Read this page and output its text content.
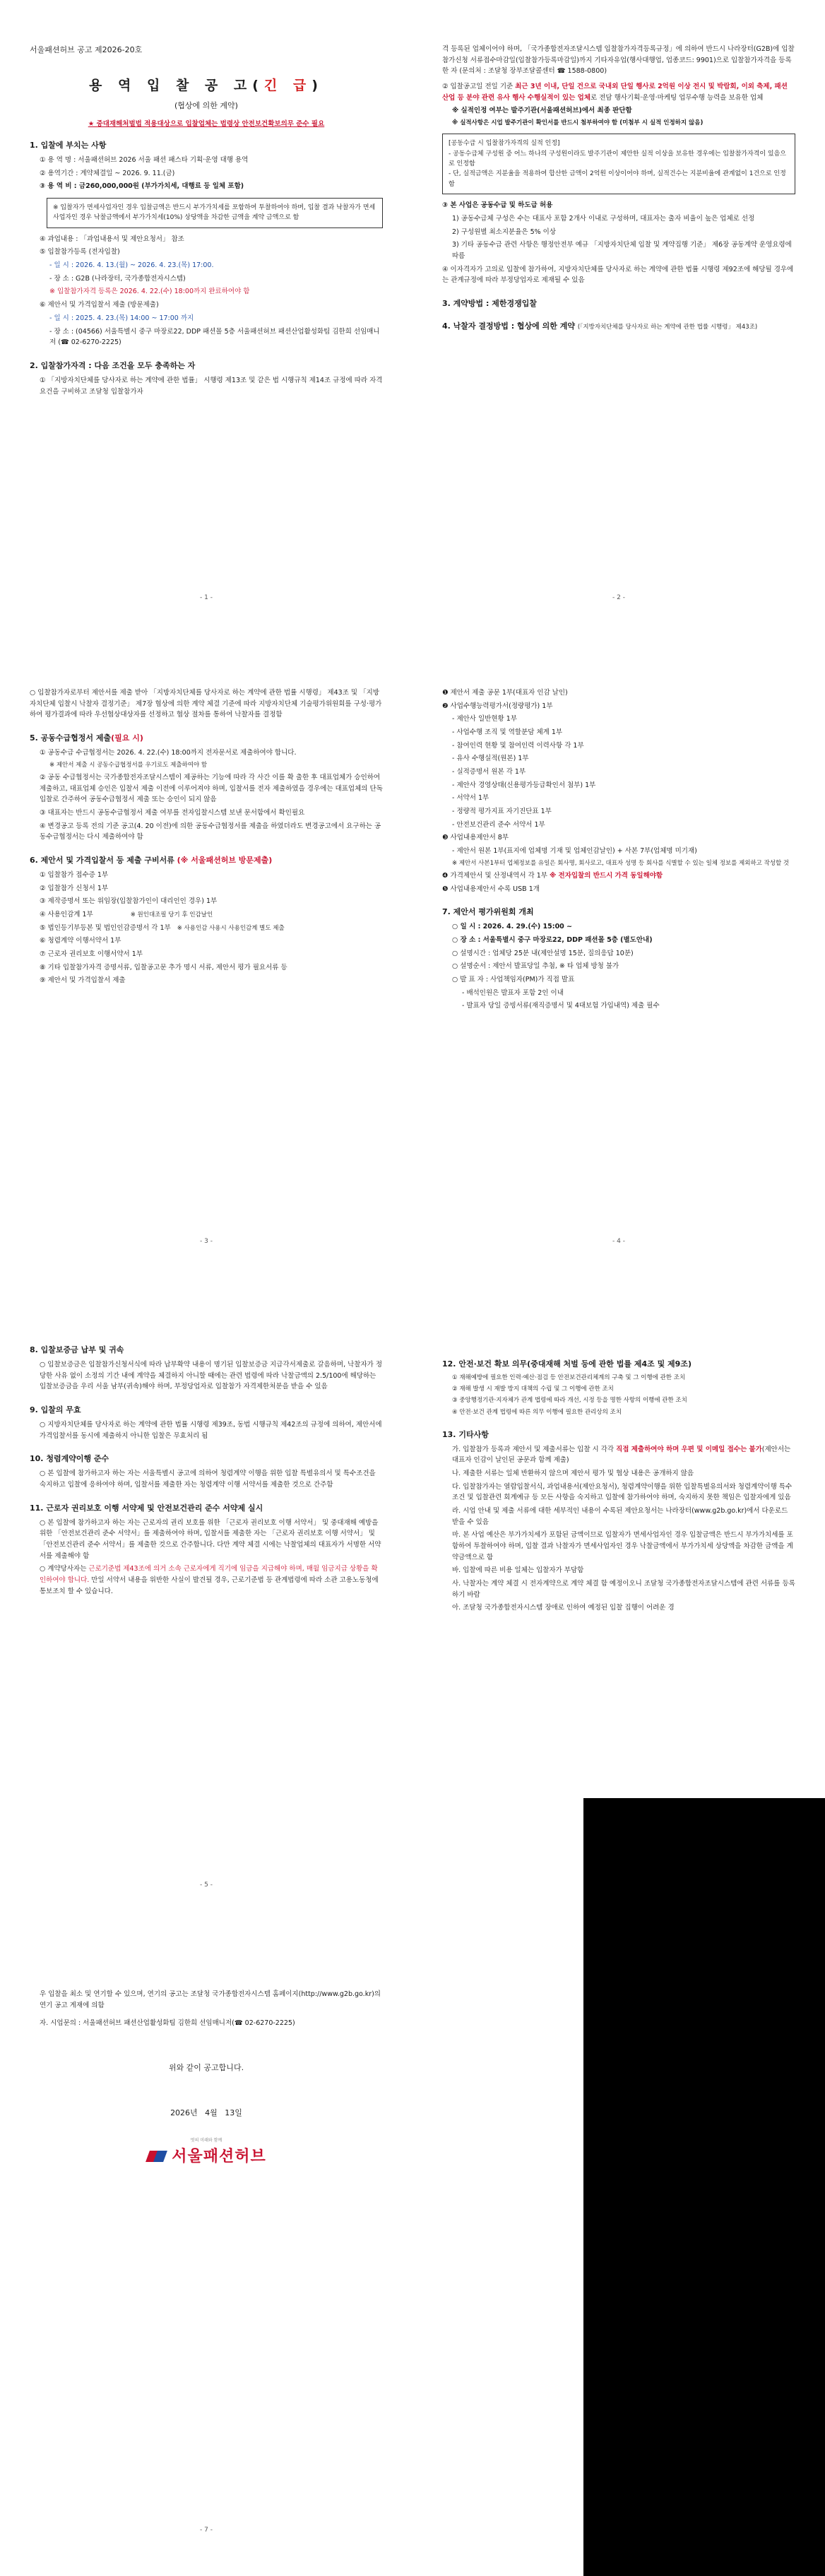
서울패션허브 공고 제2026-20호
용 역 입 찰 공 고(긴 급)
(협상에 의한 계약)
★ 중대재해처벌법 적용대상으로 입찰업체는 법령상 안전보건확보의무 준수 필요
1. 입찰에 부치는 사항
① 용 역 명 : 서울패션허브 2026 서울 패션 패스타 기획·운영 대행 용역
② 용역기간 : 계약체결일 ~ 2026. 9. 11.(금)
③ 용 역 비 : 금260,000,000원 (부가가치세, 대행료 등 일체 포함)
※ 입찰자가 면세사업자인 경우 입찰금액은 반드시 부가가치세를 포함하여 투찰하여야 하며, 입찰 결과 낙찰자가 면세사업자인 경우 낙찰금액에서 부가가치세(10%) 상당액을 차감한 금액을 계약 금액으로 함
④ 과업내용 : 「과업내용서 및 제안요청서」 참조
⑤ 입찰참가등록 (전자입찰)
- 일 시 : 2026. 4. 13.(월) ~ 2026. 4. 23.(목) 17:00.
- 장 소 : G2B (나라장터, 국가종합전자시스템)
※ 입찰참가자격 등록은 2026. 4. 22.(수) 18:00까지 완료하여야 함
⑥ 제안서 및 가격입찰서 제출 (방문제출)
- 일 시 : 2025. 4. 23.(목) 14:00 ~ 17:00 까지
- 장 소 : (04566) 서울특별시 중구 마장로22, DDP 패션몰 5층 서울패션허브 패션산업활성화팀 김한희 선임매니저 (☎ 02-6270-2225)
2. 입찰참가자격 : 다음 조건을 모두 충족하는 자
① 「지방자치단체를 당사자로 하는 계약에 관한 법률」 시행령 제13조 및 같은 법 시행규칙 제14조 규정에 따라 자격요건을 구비하고 조달청 입찰참가자
- 1 -
격 등록된 업체이어야 하며, 「국가종합전자조달시스템 입찰참가자격등록규정」에 의하여 반드시 나라장터(G2B)에 입찰참가신청 서류접수마감일(입찰참가등록마감일)까지 기타자유업(행사대행업, 업종코드: 9901)으로 입찰참가자격을 등록한 자 (문의처 : 조달청 장부조달콜센터 ☎ 1588-0800)
② 입찰공고일 전일 기준 최근 3년 이내, 단일 건으로 국내외 단일 행사로 2억원 이상 전시 및 박람회, 이외 축제, 패션 산업 등 분야 관련 유사 행사 수행실적이 있는 업체로 전담 행사기획·운영·마케팅 업무수행 능력을 보유한 업체
※ 실적인정 여부는 발주기관(서울패션허브)에서 최종 판단함
※ 실적사항은 시업 발주기관이 확인서를 반드시 첨부하여야 함 (미첨부 시 실적 인정하지 않음)
[공동수급 시 입찰참가자격의 실적 인정]
- 공동수급체 구성원 중 어느 하나의 구성원이라도 발주기관이 제안한 실적 이상을 보유한 경우에는 입찰참가자격이 있음으로 인정함
- 단, 실적금액은 지분율을 적용하여 합산한 금액이 2억원 이상이어야 하며, 실적건수는 지분비율에 관계없이 1건으로 인정함
③ 본 사업은 공동수급 및 하도급 허용
1) 공동수급체 구성은 수는 대표사 포함 2개사 이내로 구성하며, 대표자는 출자 비율이 높은 업체로 선정
2) 구성원별 최소지분율은 5% 이상
3) 기타 공동수급 관련 사항은 행정안전부 예규 「지방자치단체 입찰 및 계약집행 기준」 제6장 공동계약 운영요령에 따름
④ 이자격자가 고의로 입찰에 참가하여, 지방자치단체를 당사자로 하는 계약에 관한 법률 시행령 제92조에 해당될 경우에는 관계규정에 따라 부정당업자로 제재될 수 있음
3. 계약방법 : 제한경쟁입찰
4. 낙찰자 결정방법 : 협상에 의한 계약 (「지방자치단체를 당사자로 하는 계약에 관한 법률 시행령」 제43조)
- 2 -
○ 입찰참가자로부터 제안서를 제출 받아 「지방자치단체를 당사자로 하는 계약에 관한 법률 시행령」 제43조 및 「지방자치단체 입찰시 낙찰자 결정기준」 제7장 협상에 의한 계약 체결 기준에 따라 지방자치단체 기술평가위원회를 구성·평가하여 평가결과에 따라 우선협상대상자를 선정하고 협상 절차를 통하여 낙찰자를 결정함
5. 공동수급협정서 제출(필요 시)
① 공동수급 수급협정서는 2026. 4. 22.(수) 18:00까지 전자문서로 제출하여야 합니다.
※ 제안서 제출 시 공동수급협정서를 우기로도 제출하여야 함
② 공동 수급협정서는 국가종합전자조달시스템이 제공하는 기능에 따라 각 사간 이를 확 출한 후 대표업체가 승인하여 제출하고, 대표업체 승인은 입찰서 제출 이전에 이루어져야 하며, 입찰서를 전자 제출하였을 경우에는 대표업체의 단독입찰로 간주하여 공동수급협정서 제출 또는 승인이 되지 않음
③ 대표자는 반드시 공동수급협정서 제출 여부를 전자입찰시스템 보낸 문서함에서 확인필요
④ 변경공고 등록 전의 기준 공고(4. 20 이전)에 의한 공동수급협정서를 제출을 하였더라도 변경공고에서 요구하는 공동수급협정서는 다시 제출하여야 함
6. 제안서 및 가격입찰서 등 제출 구비서류 (※ 서울패션허브 방문제출)
① 입찰참가 접수증 1부
② 입찰참가 신청서 1부
③ 제작증명서 또는 위임장(입찰참가인이 대리인인 경우) 1부
④ 사용인감계 1부	※ 원인대조필 당기 후 인감날인
⑤ 법인등기부등본 및 법인인감증명서 각 1부 ※ 사용인감 사용시 사용인감계 별도 제출
⑥ 청렴계약 이행서약서 1부
⑦ 근로자 권리보호 이행서약서 1부
⑧ 기타 입찰참가자격 증명서류, 입찰공고문 추가 명시 서류, 제안서 평가 필요서류 등
⑨ 제안서 및 가격입찰서 제출
- 3 -
❶ 제안서 제출 공문 1부(대표자 인감 날인)
❷ 사업수행능력평가서(정량평가) 1부
- 제안사 일반현황 1부
- 사업수행 조직 및 역할분담 체계 1부
- 참여인력 현황 및 참여인력 이력사항 각 1부
- 유사 수행실적(원본) 1부
- 실적증명서 원본 각 1부
- 제안사 경영상태(신용평가등급확인서 첨부) 1부
- 서약서 1부
- 정량적 평가지표 자기진단표 1부
- 안전보건관리 준수 서약서 1부
❸ 사업내용제안서 8부
- 제안서 원본 1부(표지에 업체명 기재 및 업체인감날인) + 사본 7부(업체명 미기재)
※ 제안서 사본1부터 업체정보를 유일은 회사명, 회사로고, 대표자 성명 등 회사를 식별할 수 있는 일체 정보를 제외하고 작성할 것
❹ 가격제안서 및 산정내역서 각 1부 ※ 전자입찰의 반드시 가격 동일해야함
❺ 사업내용제안서 수록 USB 1개
7. 제안서 평가위원회 개최
○ 일 시 : 2026. 4. 29.(수) 15:00 ~
○ 장 소 : 서울특별시 중구 마장로22, DDP 패션몰 5층 (별도안내)
○ 설명시간 : 업체당 25분 내(제안설명 15분, 질의응답 10분)
○ 설명순서 : 제안서 발표당일 추첨, ※ 타 업체 방청 불가
○ 발 표 자 : 사업책임자(PM)가 직접 발표
- 배석인원은 발표자 포함 2인 이내
- 발표자 당일 증빙서류(재직증명서 및 4대보험 가입내역) 제출 필수
- 4 -
8. 입찰보증금 납부 및 귀속
○ 입찰보증금은 입찰참가신청서식에 따라 납부확약 내용이 명기된 입찰보증금 지급각서제출로 갈음하며, 낙찰자가 정당한 사유 없이 소정의 기간 내에 계약을 체결하지 아니할 때에는 관련 법령에 따라 낙찰금액의 2.5/100에 해당하는 입찰보증금을 우리 서울 남부(귀속)해야 하며, 부정당업자로 입찰참가 자격제한처분을 받을 수 있음
9. 입찰의 무효
○ 지방자치단체를 당사자로 하는 계약에 관한 법률 시행령 제39조, 동법 시행규칙 제42조의 규정에 의하여, 제안서에 가격입찰서를 동시에 제출하지 아니한 입찰은 무효처리 됨
10. 청렴계약이행 준수
○ 본 입찰에 참가하고자 하는 자는 서울특별시 공고에 의하여 청렴계약 이행을 위한 입찰 특별유의서 및 특수조건을 숙지하고 입찰에 응하여야 하며, 입찰서를 제출한 자는 청렴계약 이행 서약서를 제출한 것으로 간주함
11. 근로자 권리보호 이행 서약제 및 안전보건관리 준수 서약제 실시
○ 본 입찰에 참가하고자 하는 자는 근로자의 권리 보호를 위한 「근로자 권리보호 이행 서약서」 및 중대재해 예방을 위한 「안전보건관리 준수 서약서」를 제출하여야 하며, 입찰서를 제출한 자는 「근로자 권리보호 이행 서약서」 및 「안전보건관리 준수 서약서」를 제출한 것으로 간주합니다. 다만 계약 체결 시에는 낙찰업체의 대표자가 서명한 서약서를 제출해야 함
○ 계약당사자는 근로기준법 제43조에 의거 소속 근로자에게 직기에 임금을 지급해야 하며, 매월 임금지급 상황을 확인하여야 합니다. 만일 서약서 내용을 위반한 사실이 발견될 경우, 근로기준법 등 관계법령에 따라 소관 고용노동청에 통보조치 할 수 있습니다.
- 5 -
12. 안전·보건 확보 의무(중대재해 처벌 등에 관한 법률 제4조 및 제9조)
① 재해예방에 필요한 인력·예산·점검 등 안전보건관리체계의 구축 및 그 이행에 관한 조치
② 재해 발생 시 재발 방지 대책의 수립 및 그 이행에 관한 조치
③ 중앙행정기관·지자체가 관계 법령에 따라 개선, 시정 등을 명한 사항의 이행에 관한 조치
④ 안전·보건 관계 법령에 따른 의무 이행에 필요한 관리상의 조치
13. 기타사항
가. 입찰참가 등록과 제안서 및 제출서류는 입찰 시 각각 직접 제출하여야 하며 우편 및 이메일 접수는 불가(제안서는 대표자 인감이 날인된 공문과 함께 제출)
나. 제출한 서류는 일체 반환하지 않으며 제안서 평가 및 협상 내용은 공개하지 않음
다. 입찰참가자는 열람입찰서식, 과업내용서(제안요청서), 청렴계약이행을 위한 입찰특별유의서와 청렴계약이행 특수조건 및 입찰관련 회계예규 등 모든 사항을 숙지하고 입찰에 참가하여야 하며, 숙지하지 못한 책임은 입찰자에게 있음
라. 시업 안내 및 제출 서류에 대한 세부적인 내용이 수록된 제안요청서는 나라장터(www.g2b.go.kr)에서 다운로드 받을 수 있음
마. 본 사업 예산은 부가가치세가 포함된 금액이므로 입찰자가 면세사업자인 경우 입찰금액은 반드시 부가가치세를 포함하여 투찰하여야 하며, 입찰 결과 낙찰자가 면세사업자인 경우 낙찰금액에서 부가가치세 상당액을 차감한 금액을 계약금액으로 함
바. 입찰에 따른 비용 일체는 입찰자가 부담함
사. 낙찰자는 계약 체결 시 전자계약으로 계약 체결 함 예정이오니 조달청 국가종합전자조달시스템에 관련 서류를 등록하기 바람
아. 조달청 국가종합전자시스템 장애로 인하여 예정된 입찰 집행이 어려운 경
우 입찰을 최소 및 연기할 수 있으며, 연기의 공고는 조달청 국가종합전자시스템 홈페이지(http://www.g2b.go.kr)의 연기 공고 게재에 의함
자. 시업문의 : 서울패션허브 패션산업활성화팀 김한희 선임매니저(☎ 02-6270-2225)
위와 같이 공고합니다.
2026년   4월   13일
멋의 미래와 함께
서울패션허브
- 7 -
